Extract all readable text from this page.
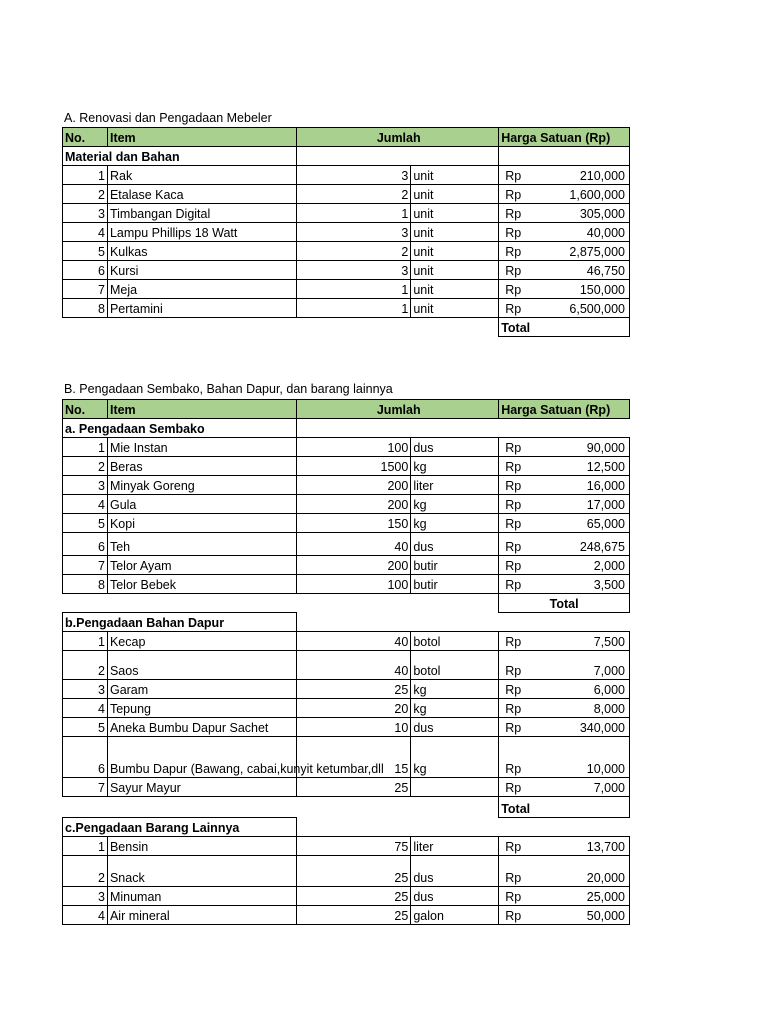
A. Renovasi dan Pengadaan Mebeler
No.	Item	Jumlah		Harga Satuan (Rp)
Material dan Bahan				
1	Rak	3	unit	Rp 210,000

2	Etalase Kaca	2	unit	Rp 1,600,000

3	Timbangan Digital	1	unit	Rp 305,000

4	Lampu Phillips 18 Watt	3	unit	Rp 40,000

5	Kulkas	2	unit	Rp 2,875,000

6	Kursi	3	unit	Rp 46,750

7	Meja	1	unit	Rp 150,000

8	Pertamini	1	unit	Rp 6,500,000

				Total
B. Pengadaan Sembako, Bahan Dapur, dan barang lainnya
No.	Item	Jumlah		Harga Satuan (Rp)
a. Pengadaan Sembako				
1	Mie Instan	100	dus	Rp 90,000

2	Beras	1500	kg	Rp 12,500

3	Minyak Goreng	200	liter	Rp 16,000

4	Gula	200	kg	Rp 17,000

5	Kopi	150	kg	Rp 65,000

6	Teh	40	dus	Rp 248,675

7	Telor Ayam	200	butir	Rp 2,000

8	Telor Bebek	100	butir	Rp 3,500

				Total
b.Pengadaan Bahan Dapur				
1	Kecap	40	botol	Rp 7,500

2	Saos	40	botol	Rp 7,000

3	Garam	25	kg	Rp 6,000

4	Tepung	20	kg	Rp 8,000

5	Aneka Bumbu Dapur Sachet	10	dus	Rp 340,000

6	Bumbu Dapur (Bawang, cabai,kunyit ketumbar,dll	15	kg	Rp 10,000

7	Sayur Mayur	25		Rp 7,000

				Total
c.Pengadaan Barang Lainnya				
1	Bensin	75	liter	Rp 13,700

2	Snack	25	dus	Rp 20,000

3	Minuman	25	dus	Rp 25,000

4	Air mineral	25	galon	Rp 50,000
